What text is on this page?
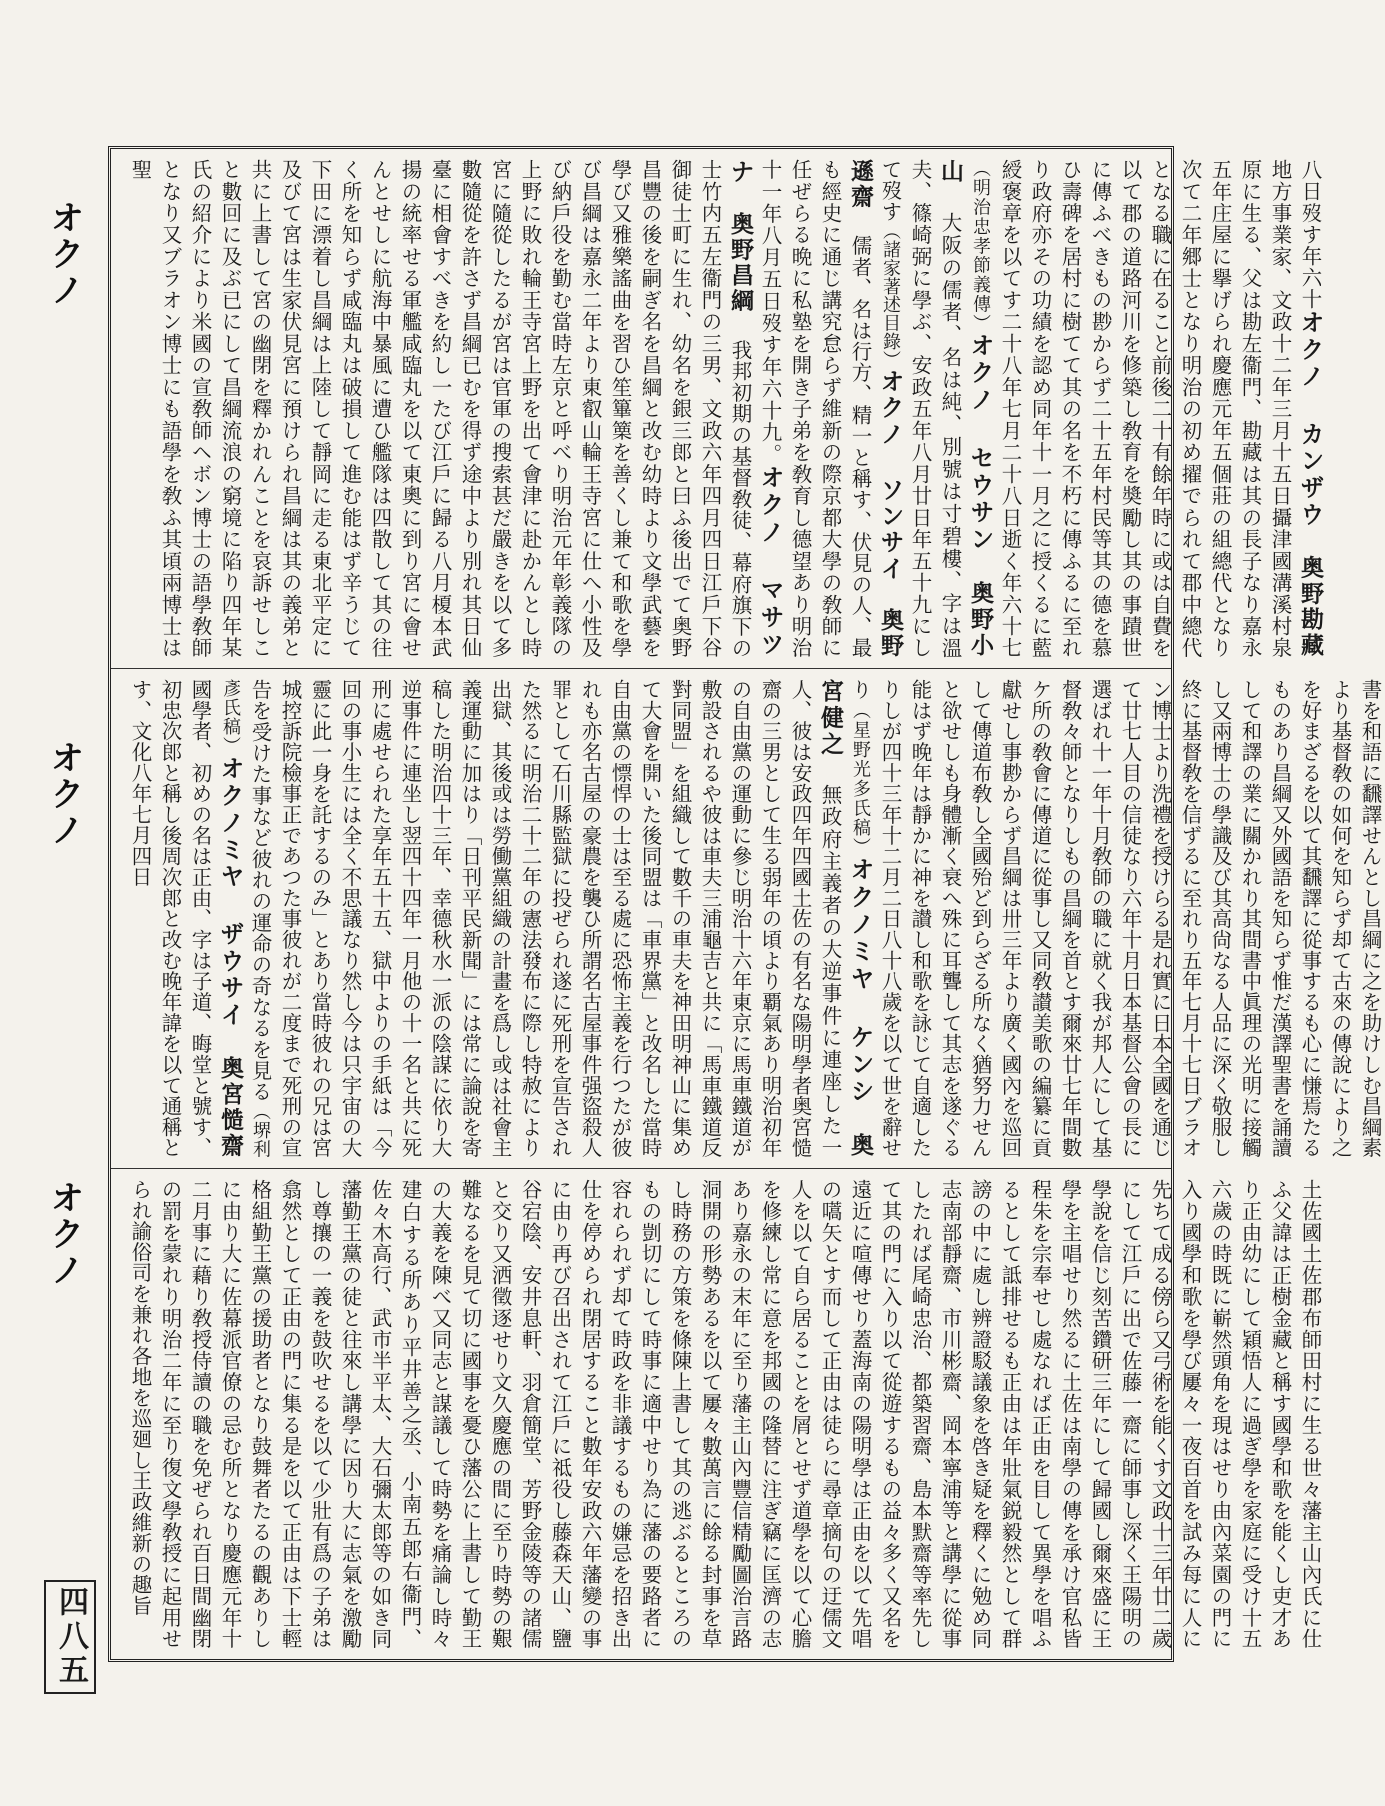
オクノ
オクノ
オクノ
四八五
八日歿す年六十オクノ カンザウ　奥野勘藏　地方事業家、文政十二年三月十五日攝津國溝溪村泉原に生る、父は勘左衞門、勘藏は其の長子なり嘉永五年庄屋に擧げられ慶應元年五個莊の組總代となり次て二年郷士となり明治の初め擢でられて郡中總代となる職に在ること前後二十有餘年時に或は自費を以て郡の道路河川を修築し敎育を奬勵し其の事蹟世に傳ふべきもの尠からず二十五年村民等其の德を慕ひ壽碑を居村に樹てて其の名を不朽に傳ふるに至れり政府亦その功績を認め同年十一月之に授くるに藍綬褒章を以てす二十八年七月二十八日逝く年六十七（明治忠孝節義傳）オクノ セウサン　奥野小山　大阪の儒者、名は純、別號は寸碧樓、字は溫夫、篠崎弼に學ぶ、安政五年八月廿日年五十九にして歿す（諸家著述目錄）オクノ ソンサイ　奥野遜齋　儒者、名は行方、精一と稱す、伏見の人、最も經史に通じ講究怠らず維新の際京都大學の敎師に任ぜらる晩に私塾を開き子弟を敎育し德望あり明治十一年八月五日歿す年六十九。オクノ マサツナ　奥野昌綱　我邦初期の基督敎徒、幕府旗下の士竹内五左衞門の三男、文政六年四月四日江戶下谷御徒士町に生れ、幼名を銀三郎と曰ふ後出でて奥野昌豐の後を嗣ぎ名を昌綱と改む幼時より文學武藝を學び又雅樂謠曲を習ひ笙篳篥を善くし兼て和歌を學び昌綱は嘉永二年より東叡山輪王寺宮に仕へ小性及び納戶役を勤む當時左京と呼べり明治元年彰義隊の上野に敗れ輪王寺宮上野を出て會津に赴かんとし時宮に隨從したるが宮は官軍の搜索甚だ嚴きを以て多數隨從を許さず昌綱已むを得ず途中より別れ其日仙臺に相會すべきを約し一たび江戶に歸る八月榎本武揚の統率せる軍艦咸臨丸を以て東奧に到り宮に會せんとせしに航海中暴風に遭ひ艦隊は四散して其の往く所を知らず咸臨丸は破損して進む能はず辛うじて下田に漂着し昌綱は上陸して靜岡に走る東北平定に及びて宮は生家伏見宮に預けられ昌綱は其の義弟と共に上書して宮の幽閉を釋かれんことを哀訴せしこと數回に及ぶ已にして昌綱流浪の窮境に陷り四年某氏の紹介により米國の宣敎師ヘボン博士の語學敎師となり又ブラオン博士にも語學を敎ふ其頃兩博士は聖
書を和語に飜譯せんとし昌綱に之を助けしむ昌綱素より基督敎の如何を知らず却て古來の傳說により之を好まざるを以て其飜譯に從事するも心に慊焉たるものあり昌綱又外國語を知らず惟だ漢譯聖書を誦讀して和譯の業に關かれり其間書中眞理の光明に接觸し又兩博士の學識及び其高尙なる人品に深く敬服し終に基督敎を信ずるに至れり五年七月十七日ブラオン博士より洗禮を授けらる是れ實に日本全國を通じて廿七人目の信徒なり六年十月日本基督公會の長に選ばれ十一年十月敎師の職に就く我が邦人にして基督敎々師となりしもの昌綱を首とす爾來廿七年間數ケ所の敎會に傳道に從事し又同敎讃美歌の編纂に貢獻せし事尠からず昌綱は卅三年より廣く國內を巡回して傳道布敎し全國殆ど到らざる所なく猶努力せんと欲せしも身體漸く衰へ殊に耳聾して其志を遂ぐる能はず晚年は靜かに神を讃し和歌を詠じて自適したりしが四十三年十二月二日八十八歲を以て世を辭せり（星野光多氏稿）オクノミヤ ケンシ　奥宮健之　無政府主義者の大逆事件に連座した一人、彼は安政四年四國土佐の有名な陽明學者奥宮慥齋の三男として生る弱年の頃より覇氣あり明治初年の自由黨の運動に參じ明治十六年東京に馬車鐵道が敷設されるや彼は車夫三浦龜吉と共に「馬車鐵道反對同盟」を組織して數千の車夫を神田明神山に集めて大會を開いた後同盟は「車界黨」と改名した當時自由黨の慓悍の士は至る處に恐怖主義を行つたが彼れも亦名古屋の豪農を襲ひ所謂名古屋事件强盜殺人罪として石川縣監獄に投ぜられ遂に死刑を宣告された然るに明治二十二年の憲法發布に際し特赦により出獄、其後或は勞働黨組織の計畫を爲し或は社會主義運動に加はり「日刊平民新聞」には常に論說を寄稿した明治四十三年、幸德秋水一派の陰謀に依り大逆事件に連坐し翌四十四年一月他の十一名と共に死刑に處せられた享年五十五、獄中よりの手紙は「今回の事小生には全く不思議なり然し今は只宇宙の大靈に此一身を託するのみ」とあり當時彼れの兄は宮城控訴院檢事正であつた事彼れが二度まで死刑の宣告を受けた事など彼れの運命の奇なるを見る（堺利彥氏稿）オクノミヤ ザウサイ　奥宮慥齋　國學者、初めの名は正由、字は子道、晦堂と號す、初忠次郎と稱し後周次郎と改む晚年諱を以て通稱とす、文化八年七月四日
土佐國土佐郡布師田村に生る世々藩主山內氏に仕ふ父諱は正樹金藏と稱す國學和歌を能くし吏才あり正由幼にして穎悟人に過ぎ學を家庭に受け十五六歲の時既に嶄然頭角を現はせり由內菜園の門に入り國學和歌を學び屢々一夜百首を試み每に人に先ちて成る傍ら又弓術を能くす文政十三年廿二歲にして江戶に出で佐藤一齋に師事し深く王陽明の學說を信じ刻苦鑽研三年にして歸國し爾來盛に王學を主唱せり然るに土佐は南學の傳を承け官私皆程朱を宗奉せし處なれば正由を目して異學を唱ふるとして詆排せるも正由は年壯氣鋭毅然として群謗の中に處し辨證駁議象を啓き疑を釋くに勉め同志南部靜齋、市川彬齋、岡本寧浦等と講學に從事したれば尾崎忠治、都築習齋、島本默齋等率先して其の門に入り以て從遊するもの益々多く又名を遠近に喧傳せり蓋海南の陽明學は正由を以て先唱の嚆矢とす而して正由は徒らに尋章摘句の迂儒文人を以て自ら居ることを屑とせず道學を以て心膽を修練し常に意を邦國の隆替に注ぎ竊に匡濟の志あり嘉永の末年に至り藩主山內豐信精勵圖治言路洞開の形勢あるを以て屢々數萬言に餘る封事を草し時務の方策を條陳上書して其の逃ぶるところのもの剴切にして時事に適中せり為に藩の要路者に容れられず却て時政を非議するもの嫌忌を招き出仕を停められ閉居すること數年安政六年藩變の事に由り再び召出されて江戶に祗役し藤森天山、鹽谷宕陰、安井息軒、羽倉簡堂、芳野金陵等の諸儒と交り又洒徵逐せり文久慶應の間に至り時勢の艱難なるを見て切に國事を憂ひ藩公に上書して勤王の大義を陳べ又同志と謀議して時勢を痛論し時々建白する所あり平井善之丞、小南五郎右衞門、佐々木高行、武市半平太、大石彌太郎等の如き同藩勤王黨の徒と往來し講學に因り大に志氣を激勵し尊攘の一義を鼓吹せるを以て少壯有爲の子弟は翕然として正由の門に集る是を以て正由は下士輕格組勤王黨の援助者となり鼓舞者たるの觀ありしに由り大に佐幕派官僚の忌む所となり慶應元年十二月事に藉り敎授侍讀の職を免ぜられ百日間幽閉の罰を蒙れり明治二年に至り復文學敎授に起用せられ諭俗司を兼れ各地を巡廻し王政維新の趣旨
